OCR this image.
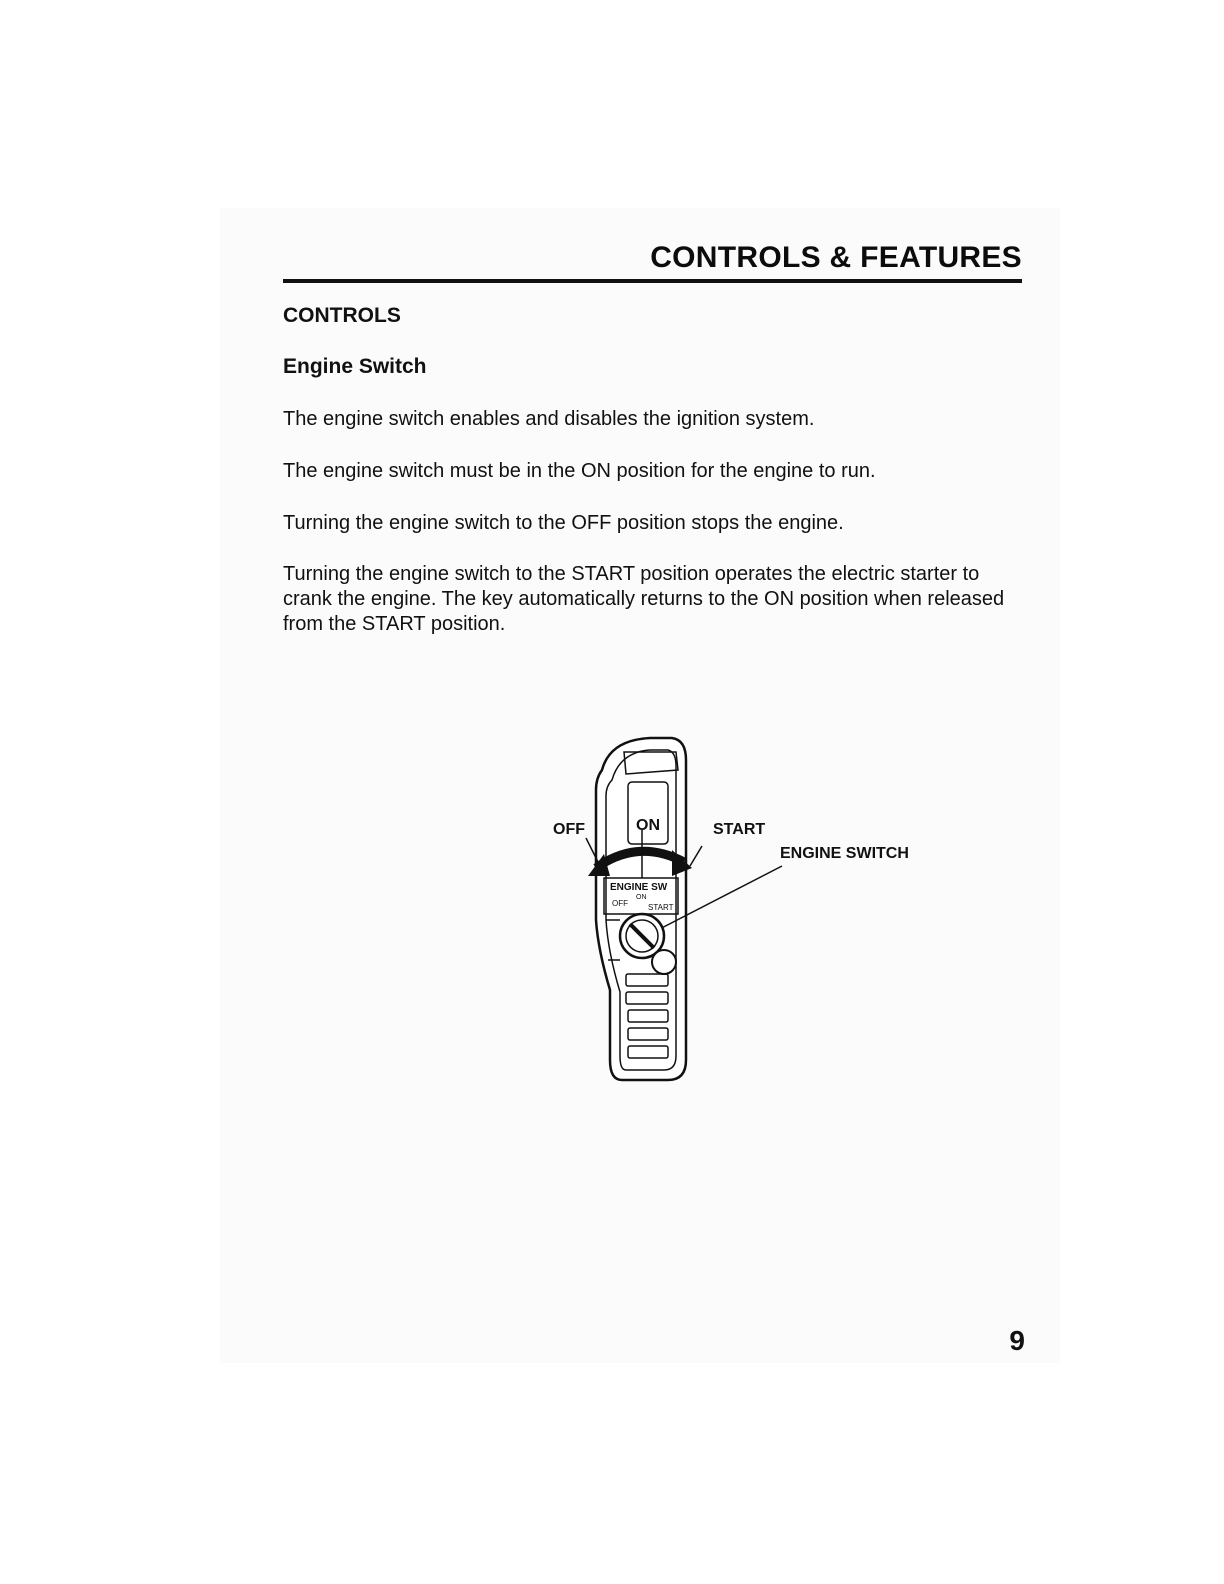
CONTROLS & FEATURES
CONTROLS
Engine Switch

The engine switch enables and disables the ignition system.

The engine switch must be in the ON position for the engine to run.

Turning the engine switch to the OFF position stops the engine.

Turning the engine switch to the START position operates the electric starter to crank the engine. The key automatically returns to the ON position when released from the START position.

ENGINE SW
ON
OFF	START
OFF	ON	START
ENGINE SWITCH
9
